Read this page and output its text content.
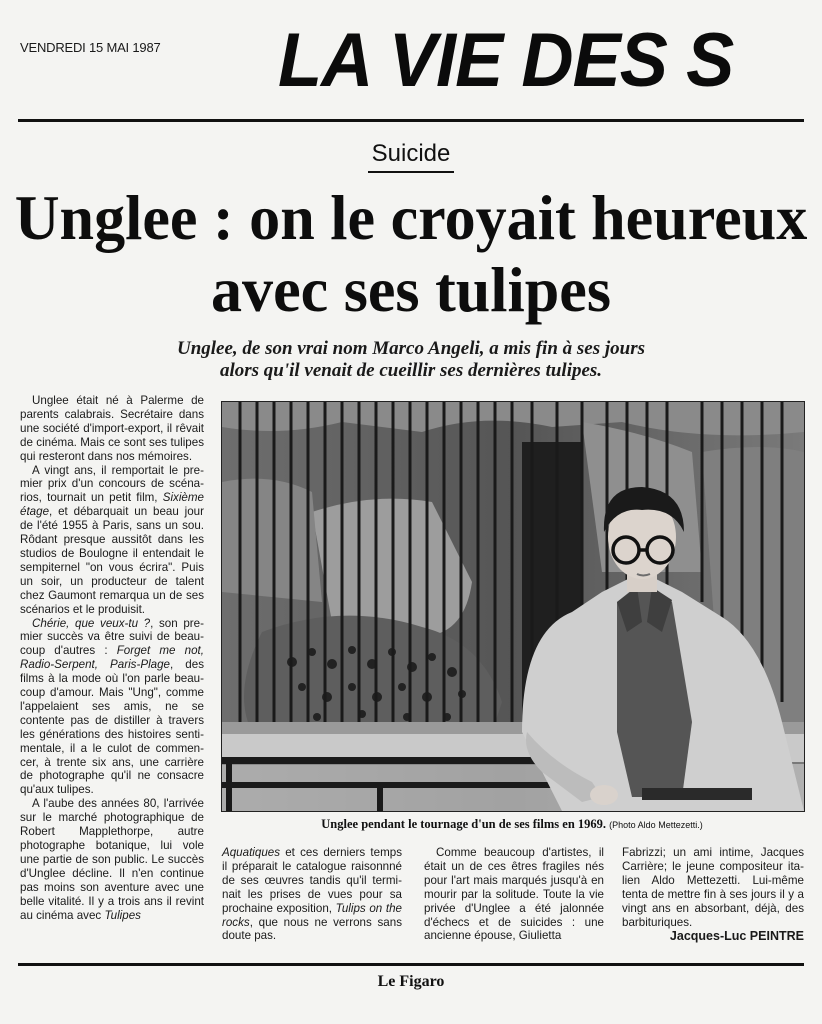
VENDREDI 15 MAI 1987 LA VIE DES S
Suicide
Unglee : on le croyait heureux avec ses tulipes
Unglee, de son vrai nom Marco Angeli, a mis fin à ses jours
alors qu'il venait de cueillir ses dernières tulipes.

Unglee était né à Palerme de parents calabrais. Secrétaire dans une société d'import-export, il rêvait de cinéma. Mais ce sont ses tulipes qui resteront dans nos mémoires.

A vingt ans, il remportait le premier prix d'un concours de scénarios, tournait un petit film, Sixième étage, et débarquait un beau jour de l'été 1955 à Paris, sans un sou. Rôdant presque aussitôt dans les studios de Boulogne il entendait le sempiternel "on vous écrira". Puis un soir, un producteur de talent chez Gaumont remarqua un de ses scénarios et le produisit.

Chérie, que veux-tu ?, son premier succès va être suivi de beaucoup d'autres : Forget me not, Radio-Serpent, Paris-Plage, des films à la mode où l'on parle beaucoup d'amour. Mais "Ung", comme l'appelaient ses amis, ne se contente pas de distiller à travers les générations des histoires sentimentale, il a le culot de commencer, à trente six ans, une carrière de photographe qu'il ne consacre qu'aux tulipes.

A l'aube des années 80, l'arrivée sur le marché photographique de Robert Mapplethorpe, autre photographe botanique, lui vole une partie de son public. Le succès d'Unglee décline. Il n'en continue pas moins son aventure avec une belle vitalité. Il y a trois ans il revint au cinéma avec Tulipes

Unglee pendant le tournage d'un de ses films en 1969. (Photo Aldo Mettezetti.)

Aquatiques et ces derniers temps il préparait le catalogue raisonnné de ses œuvres tandis qu'il terminait les prises de vues pour sa prochaine exposition, Tulips on the rocks, que nous ne verrons sans doute pas.

Comme beaucoup d'artistes, il était un de ces êtres fragiles nés pour l'art mais marqués jusqu'à en mourir par la solitude. Toute la vie privée d'Unglee a été jalonnée d'échecs et de suicides : une ancienne épouse, Giulietta

Fabrizzi; un ami intime, Jacques Carrière; le jeune compositeur italien Aldo Mettezetti. Lui-même tenta de mettre fin à ses jours il y a vingt ans en absorbant, déjà, des barbituriques.

Jacques-Luc PEINTRE
Le Figaro
